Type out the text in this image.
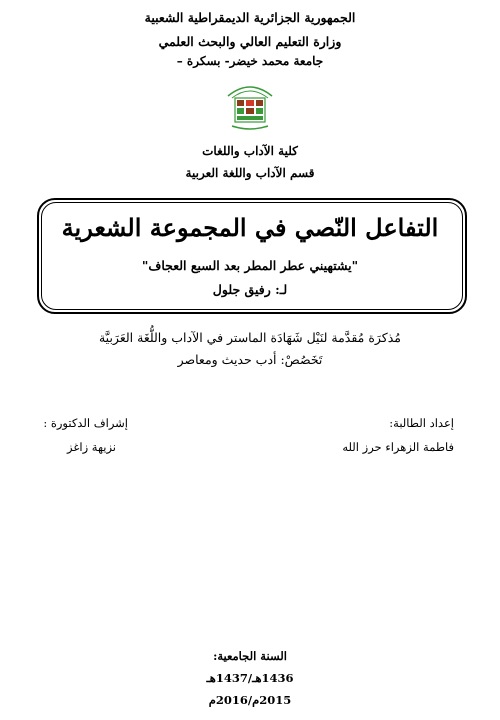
الجمهورية الجزائرية الديمقراطية الشعبية
وزارة التعليم العالي والبحث العلمي
جامعة محمد خيضر- بسكرة –
كلية الآداب واللغات
قسم الآداب واللغة العربية
التفاعل النّصي في المجموعة الشعرية
"يشتهيني عطر المطر بعد السبع العجاف"
لـ: رفيق جلول
مُذكرَة مُقدَّمة لنَيْل شَهَادَة الماستر في الآداب واللُّغَة العَرَبيَّة
تَخَصُصْ: أدب حديث ومعاصر
إعداد الطالبة:
فاطمة الزهراء حرز الله
إشراف الدكتورة :
نزيهة زاغز
السنة الجامعية:
1436هـ/1437هـ
2015م/2016م
